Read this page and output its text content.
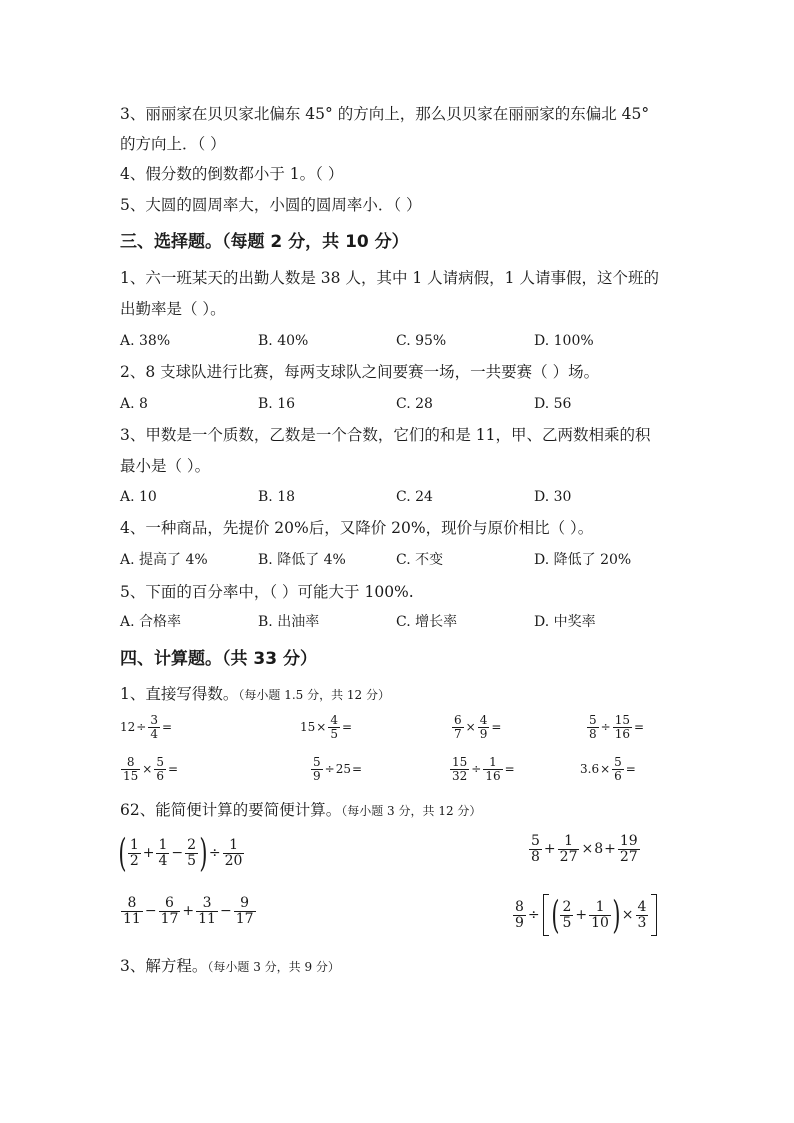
3、丽丽家在贝贝家北偏东 45° 的方向上，那么贝贝家在丽丽家的东偏北 45°
的方向上．（ ）
4、假分数的倒数都小于 1。（ ）
5、大圆的圆周率大，小圆的圆周率小．（ ）
三、选择题。（每题 2 分，共 10 分）
1、六一班某天的出勤人数是 38 人，其中 1 人请病假，1 人请事假，这个班的
出勤率是（ ）。
A. 38%	B. 40%	C. 95%	D. 100%
2、8 支球队进行比赛，每两支球队之间要赛一场，一共要赛（ ）场。
A. 8	B. 16	C. 28	D. 56
3、甲数是一个质数，乙数是一个合数，它们的和是 11，甲、乙两数相乘的积
最小是（ ）。
A. 10	B. 18	C. 24	D. 30
4、一种商品，先提价 20%后，又降价 20%，现价与原价相比（ ）。
A. 提高了 4%	B. 降低了 4%	C. 不变	D. 降低了 20%
5、下面的百分率中，（ ）可能大于 100%.
A. 合格率	B. 出油率	C. 增长率	D. 中奖率
四、计算题。（共 33 分）
1、直接写得数。（每小题 1.5 分，共 12 分）
$12 \div \frac{3}{4}$ =	$15 \times \frac{4}{5}$ =	$\frac{6}{7} \times \frac{4}{9}$ =	$\frac{5}{8} \div \frac{15}{16}$ =
$\frac{8}{15} \times \frac{5}{6}$ =	$\frac{5}{9} \div 25$ =	$\frac{15}{32} \div \frac{1}{16}$ =	$3.6 \times \frac{5}{6}$ =
62、能简便计算的要简便计算。（每小题 3 分，共 12 分）
( $\frac{1}{2} + \frac{1}{4} - \frac{2}{5}$ ) ÷ $\frac{1}{20}$	$\frac{5}{8} + \frac{1}{27} \times 8 + \frac{19}{27}$
$\frac{8}{11} - \frac{6}{17} + \frac{3}{11} - \frac{9}{17}$	$\frac{8}{9}$ ÷ ( $\frac{2}{5} + \frac{1}{10}$ ) × $\frac{4}{3}$
3、解方程。（每小题 3 分，共 9 分）
